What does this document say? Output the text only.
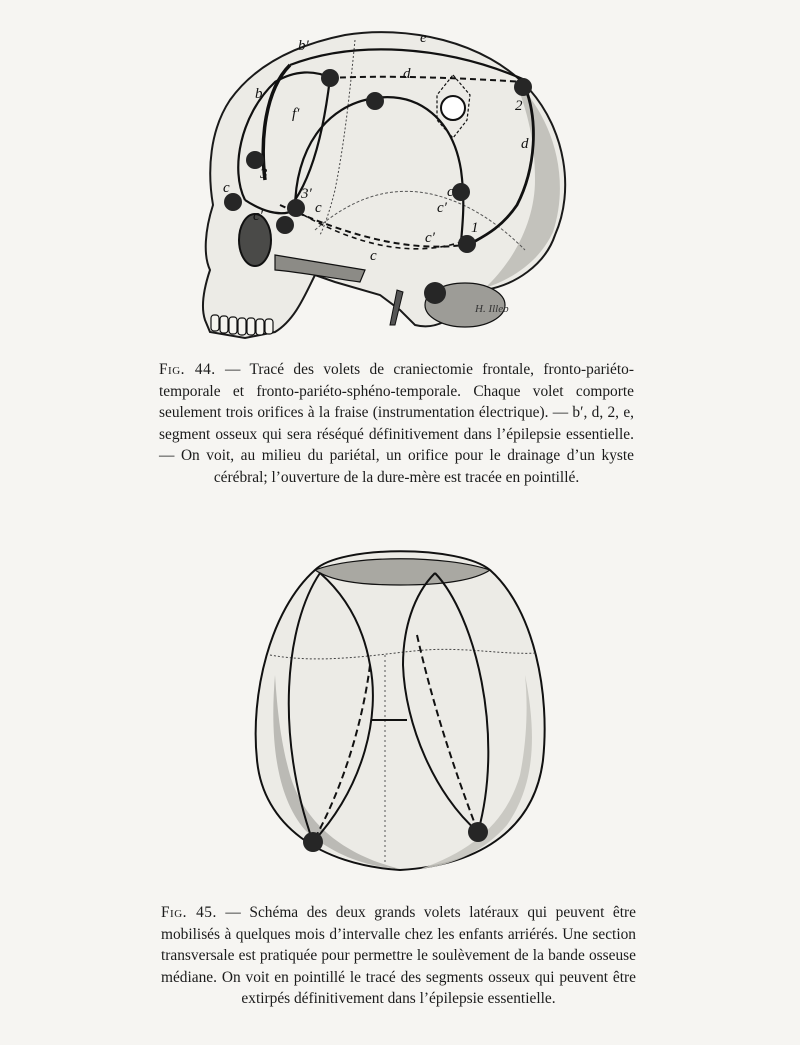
b′	e
d
b
f′	2
d
3
3′
c
c′	c	c′
c
c′
1
c
H. Illeb
Fig. 44. — Tracé des volets de craniectomie frontale, fronto-pariéto-temporale et fronto-pariéto-sphéno-temporale. Chaque volet comporte seulement trois orifices à la fraise (instrumentation électrique). — b′, d, 2, e, segment osseux qui sera réséqué définitivement dans l’épilepsie essentielle. — On voit, au milieu du pariétal, un orifice pour le drainage d’un kyste cérébral; l’ouverture de la dure-mère est tracée en pointillé.
Fig. 45. — Schéma des deux grands volets latéraux qui peuvent être mobilisés à quelques mois d’intervalle chez les enfants arriérés. Une section transversale est pratiquée pour permettre le soulèvement de la bande osseuse médiane. On voit en pointillé le tracé des segments osseux qui peuvent être extirpés définitivement dans l’épilepsie essentielle.
